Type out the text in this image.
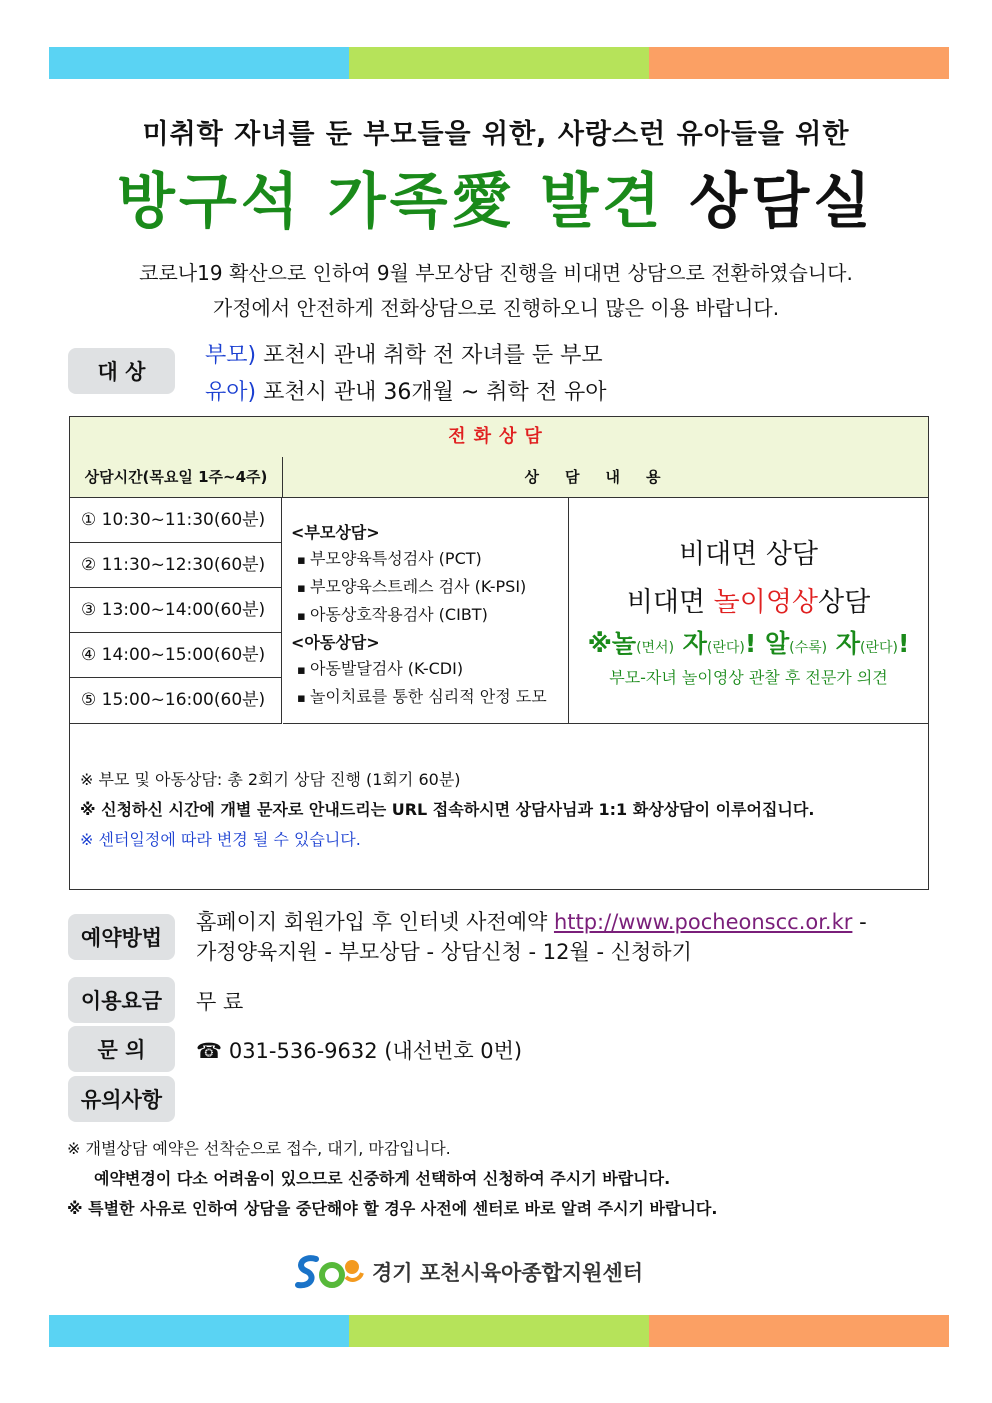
미취학 자녀를 둔 부모들을 위한, 사랑스런 유아들을 위한
방구석 가족愛 발견 상담실
코로나19 확산으로 인하여 9월 부모상담 진행을 비대면 상담으로 전환하였습니다.
가정에서 안전하게 전화상담으로 진행하오니 많은 이용 바랍니다.
대 상
부모) 포천시 관내 취학 전 자녀를 둔 부모
유아) 포천시 관내 36개월 ~ 취학 전 유아
전화상담
상담시간(목요일 1주~4주)	상담내용
① 10:30~11:30(60분)
② 11:30~12:30(60분)
③ 13:00~14:00(60분)
④ 14:00~15:00(60분)
⑤ 15:00~16:00(60분)
<부모상담>
▪ 부모양육특성검사 (PCT)
▪ 부모양육스트레스 검사 (K-PSI)
▪ 아동상호작용검사 (CIBT)
<아동상담>
▪ 아동발달검사 (K-CDI)
▪ 놀이치료를 통한 심리적 안정 도모
비대면 상담
비대면 놀이영상상담
※놀(면서) 자(란다)! 알(수록) 자(란다)!
부모-자녀 놀이영상 관찰 후 전문가 의견
※ 부모 및 아동상담: 총 2회기 상담 진행 (1회기 60분)
※ 신청하신 시간에 개별 문자로 안내드리는 URL 접속하시면 상담사님과 1:1 화상상담이 이루어집니다.
※ 센터일정에 따라 변경 될 수 있습니다.
예약방법
홈페이지 회원가입 후 인터넷 사전예약 http://www.pocheonscc.or.kr -
가정양육지원 - 부모상담 - 상담신청 - 12월 - 신청하기
이용요금	무 료
문 의	☎ 031-536-9632 (내선번호 0번)
유의사항
※ 개별상담 예약은 선착순으로 접수, 대기, 마감입니다.
예약변경이 다소 어려움이 있으므로 신중하게 선택하여 신청하여 주시기 바랍니다.
※ 특별한 사유로 인하여 상담을 중단해야 할 경우 사전에 센터로 바로 알려 주시기 바랍니다.
경기 포천시육아종합지원센터
